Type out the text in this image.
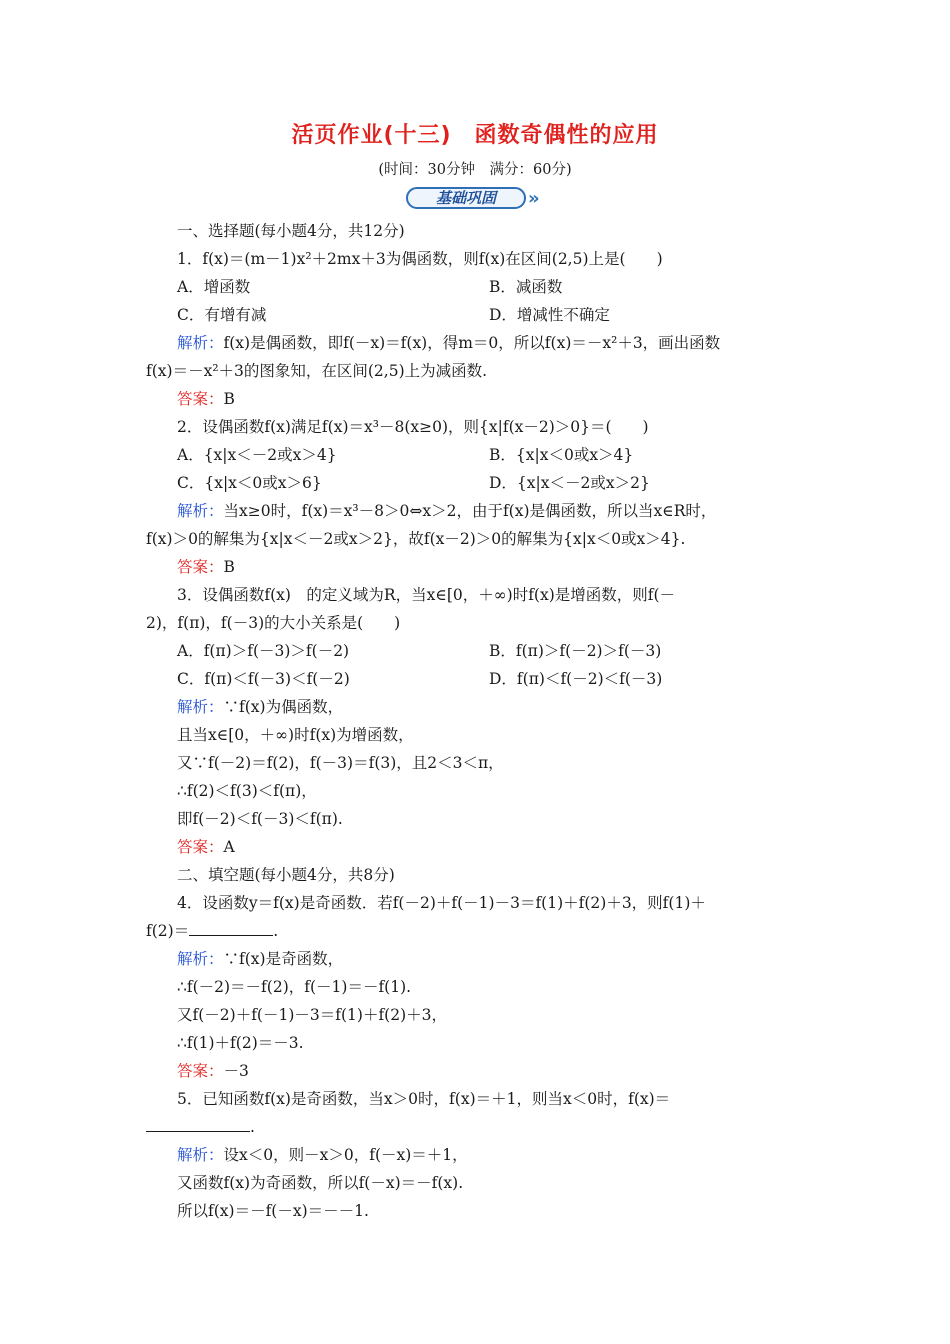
活页作业(十三)　函数奇偶性的应用
(时间：30分钟　满分：60分)
基础巩固	»
一、选择题(每小题4分，共12分)
1．f(x)＝(m－1)x²＋2mx＋3为偶函数，则f(x)在区间(2,5)上是(　　)
A．增函数	B．减函数
C．有增有减	D．增减性不确定
解析：f(x)是偶函数，即f(－x)＝f(x)，得m＝0，所以f(x)＝－x²＋3，画出函数
f(x)＝－x²＋3的图象知，在区间(2,5)上为减函数.
答案：B
2．设偶函数f(x)满足f(x)＝x³－8(x≥0)，则{x|f(x－2)＞0}＝(　　)
A．{x|x＜－2或x＞4}	B．{x|x＜0或x＞4}
C．{x|x＜0或x＞6}	D．{x|x＜－2或x＞2}
解析：当x≥0时，f(x)＝x³－8＞0⇔x＞2，由于f(x)是偶函数，所以当x∈R时，
f(x)＞0的解集为{x|x＜－2或x＞2}，故f(x－2)＞0的解集为{x|x＜0或x＞4}.
答案：B
3．设偶函数f(x)　的定义域为R，当x∈[0，＋∞)时f(x)是增函数，则f(－
2)，f(π)，f(－3)的大小关系是(　　)
A．f(π)＞f(－3)＞f(－2)	B．f(π)＞f(－2)＞f(－3)
C．f(π)＜f(－3)＜f(－2)	D．f(π)＜f(－2)＜f(－3)
解析：∵f(x)为偶函数，
且当x∈[0，＋∞)时f(x)为增函数，
又∵f(－2)＝f(2)，f(－3)＝f(3)，且2＜3＜π，
∴f(2)＜f(3)＜f(π)，
即f(－2)＜f(－3)＜f(π).
答案：A
二、填空题(每小题4分，共8分)
4．设函数y＝f(x)是奇函数．若f(－2)＋f(－1)－3＝f(1)＋f(2)＋3，则f(1)＋
f(2)＝	.
解析：∵f(x)是奇函数，
∴f(－2)＝－f(2)，f(－1)＝－f(1).
又f(－2)＋f(－1)－3＝f(1)＋f(2)＋3，
∴f(1)＋f(2)＝－3.
答案：－3
5．已知函数f(x)是奇函数，当x＞0时，f(x)＝＋1，则当x＜0时，f(x)＝
.
解析：设x＜0，则－x＞0，f(－x)＝＋1，
又函数f(x)为奇函数，所以f(－x)＝－f(x).
所以f(x)＝－f(－x)＝－－1.
